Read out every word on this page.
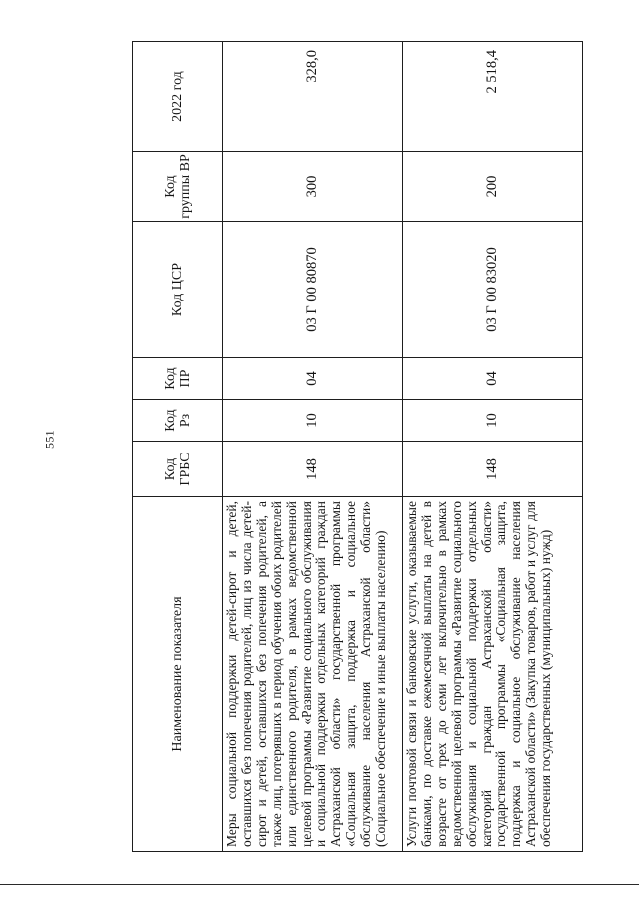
551
Наименование показателя	Код ГРБС	Код Рз	Код ПР	Код ЦСР	Код группы ВР	2022 год
Меры социальной поддержки детей-сирот и детей, оставшихся без попечения родителей, лиц из числа детей-сирот и детей, оставшихся без попечения родителей, а также лиц, потерявших в период обучения обоих родителей или единственного родителя, в рамках ведомственной целевой программы «Развитие социального обслуживания и социальной поддержки отдельных категорий граждан Астраханской области» государственной программы «Социальная защита, поддержка и социальное обслуживание населения Астраханской области» (Социальное обеспечение и иные выплаты населению)	148	10	04	03 Г 00 80870	300	328,0
Услуги почтовой связи и банковские услуги, оказываемые банками, по доставке ежемесячной выплаты на детей в возрасте от трех до семи лет включительно в рамках ведомственной целевой программы «Развитие социального обслуживания и социальной поддержки отдельных категорий граждан Астраханской области» государственной программы «Социальная защита, поддержка и социальное обслуживание населения Астраханской области» (Закупка товаров, работ и услуг для обеспечения государственных (муниципальных) нужд)	148	10	04	03 Г 00 83020	200	2 518,4
